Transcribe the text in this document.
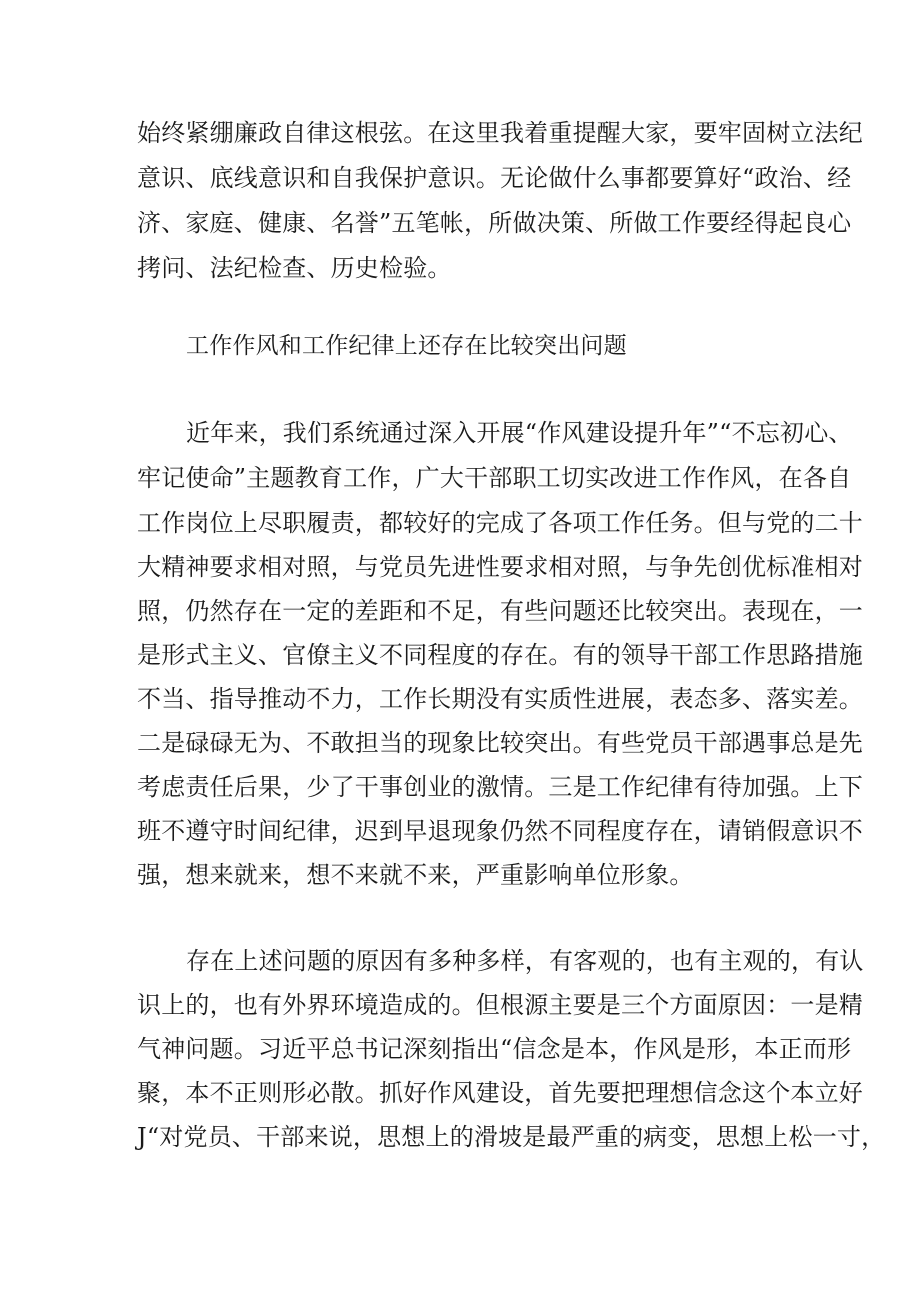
始终紧绷廉政自律这根弦。在这里我着重提醒大家，要牢固树立法纪
意识、底线意识和自我保护意识。无论做什么事都要算好“政治、经
济、家庭、健康、名誉”五笔帐，所做决策、所做工作要经得起良心
拷问、法纪检查、历史检验。
工作作风和工作纪律上还存在比较突出问题
近年来，我们系统通过深入开展“作风建设提升年”“不忘初心、
牢记使命”主题教育工作，广大干部职工切实改进工作作风，在各自
工作岗位上尽职履责，都较好的完成了各项工作任务。但与党的二十
大精神要求相对照，与党员先进性要求相对照，与争先创优标准相对
照，仍然存在一定的差距和不足，有些问题还比较突出。表现在，一
是形式主义、官僚主义不同程度的存在。有的领导干部工作思路措施
不当、指导推动不力，工作长期没有实质性进展，表态多、落实差。
二是碌碌无为、不敢担当的现象比较突出。有些党员干部遇事总是先
考虑责任后果，少了干事创业的激情。三是工作纪律有待加强。上下
班不遵守时间纪律，迟到早退现象仍然不同程度存在，请销假意识不
强，想来就来，想不来就不来，严重影响单位形象。
存在上述问题的原因有多种多样，有客观的，也有主观的，有认
识上的，也有外界环境造成的。但根源主要是三个方面原因：一是精
气神问题。习近平总书记深刻指出“信念是本，作风是形，本正而形
聚，本不正则形必散。抓好作风建设，首先要把理想信念这个本立好
J“对党员、干部来说，思想上的滑坡是最严重的病变，思想上松一寸，
